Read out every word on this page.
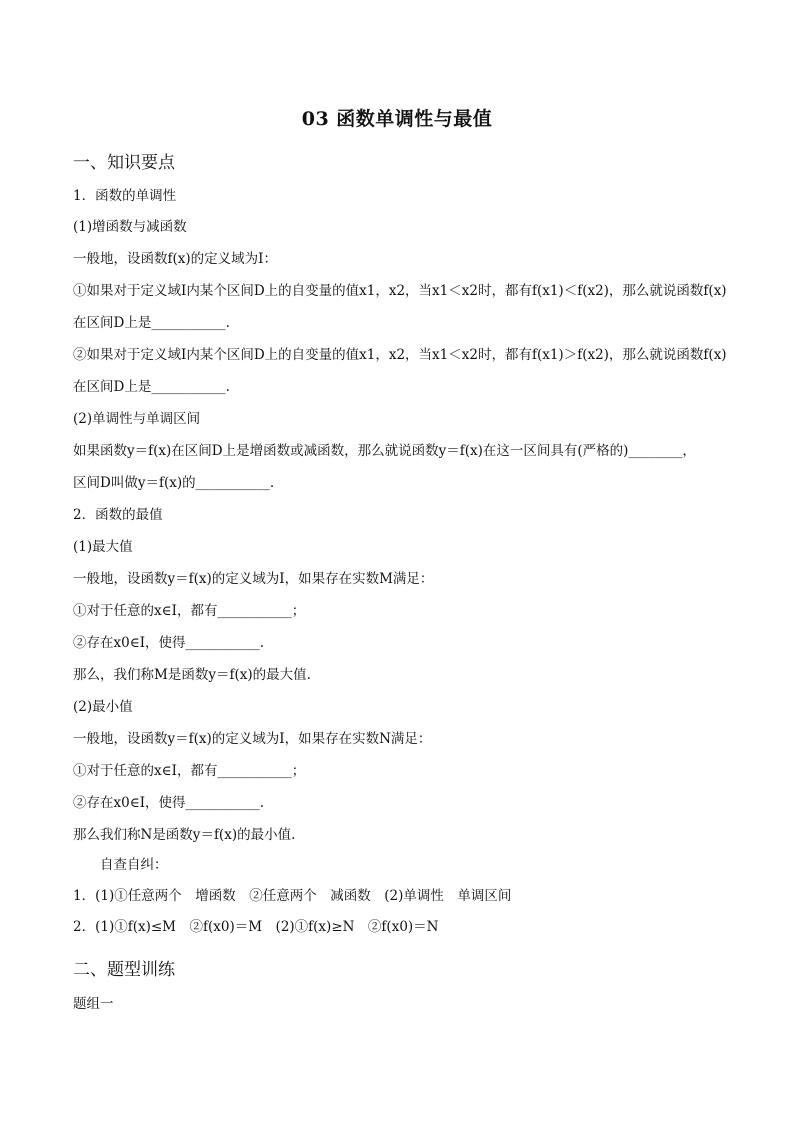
03 函数单调性与最值
一、知识要点
1．函数的单调性
(1)增函数与减函数
一般地，设函数f(x)的定义域为I：
①如果对于定义域I内某个区间D上的自变量的值x1，x2，当x1＜x2时，都有f(x1)＜f(x2)，那么就说函数f(x)
在区间D上是___________.
②如果对于定义域I内某个区间D上的自变量的值x1，x2，当x1＜x2时，都有f(x1)＞f(x2)，那么就说函数f(x)
在区间D上是___________.
(2)单调性与单调区间
如果函数y＝f(x)在区间D上是增函数或减函数，那么就说函数y＝f(x)在这一区间具有(严格的)________，
区间D叫做y＝f(x)的___________.
2．函数的最值
(1)最大值
一般地，设函数y＝f(x)的定义域为I，如果存在实数M满足：
①对于任意的x∈I，都有___________；
②存在x0∈I，使得___________.
那么，我们称M是函数y＝f(x)的最大值.
(2)最小值
一般地，设函数y＝f(x)的定义域为I，如果存在实数N满足：
①对于任意的x∈I，都有___________；
②存在x0∈I，使得___________.
那么我们称N是函数y＝f(x)的最小值.
自查自纠：
1．(1)①任意两个　增函数　②任意两个　减函数　(2)单调性　单调区间
2．(1)①f(x)≤M　②f(x0)＝M　(2)①f(x)≥N　②f(x0)＝N
二、题型训练
题组一
